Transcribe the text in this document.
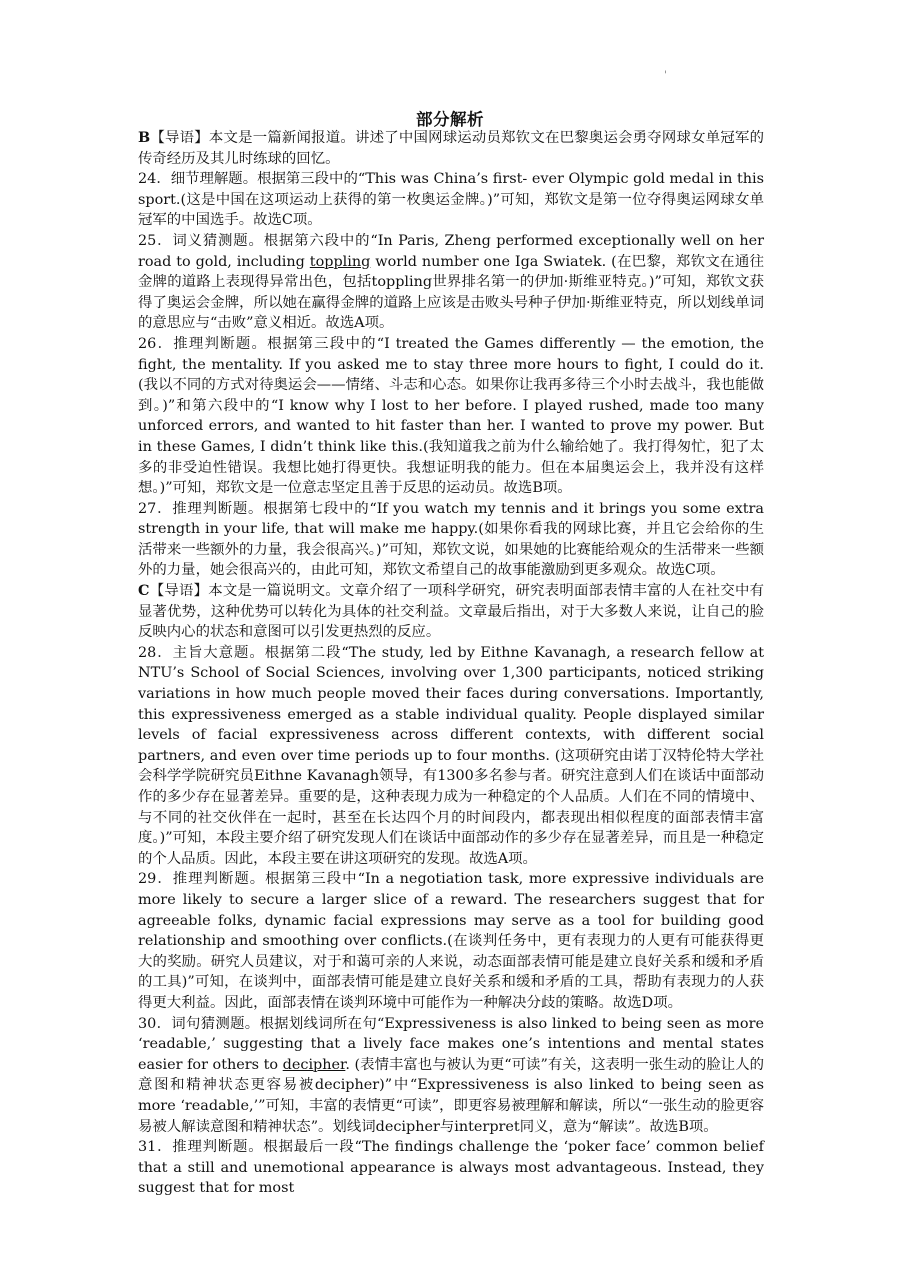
'
部分解析

B【导语】本文是一篇新闻报道。讲述了中国网球运动员郑钦文在巴黎奥运会勇夺网球女单冠军的传奇经历及其儿时练球的回忆。

24．细节理解题。根据第三段中的“This was China’s first- ever Olympic gold medal in this sport.(这是中国在这项运动上获得的第一枚奥运金牌。)”可知，郑钦文是第一位夺得奥运网球女单冠军的中国选手。故选C项。

25．词义猜测题。根据第六段中的“In Paris, Zheng performed exceptionally well on her road to gold, including toppling world number one Iga Swiatek. (在巴黎，郑钦文在通往金牌的道路上表现得异常出色，包括toppling世界排名第一的伊加·斯维亚特克。)”可知，郑钦文获得了奥运会金牌，所以她在赢得金牌的道路上应该是击败头号种子伊加·斯维亚特克，所以划线单词的意思应与“击败”意义相近。故选A项。

26．推理判断题。根据第三段中的“I treated the Games differently — the emotion, the fight, the mentality. If you asked me to stay three more hours to fight, I could do it.(我以不同的方式对待奥运会——情绪、斗志和心态。如果你让我再多待三个小时去战斗，我也能做到。)”和第六段中的“I know why I lost to her before. I played rushed, made too many unforced errors, and wanted to hit faster than her. I wanted to prove my power. But in these Games, I didn’t think like this.(我知道我之前为什么输给她了。我打得匆忙，犯了太多的非受迫性错误。我想比她打得更快。我想证明我的能力。但在本届奥运会上，我并没有这样想。)”可知，郑钦文是一位意志坚定且善于反思的运动员。故选B项。

27．推理判断题。根据第七段中的“If you watch my tennis and it brings you some extra strength in your life, that will make me happy.(如果你看我的网球比赛，并且它会给你的生活带来一些额外的力量，我会很高兴。)”可知，郑钦文说，如果她的比赛能给观众的生活带来一些额外的力量，她会很高兴的，由此可知，郑钦文希望自己的故事能激励到更多观众。故选C项。

C【导语】本文是一篇说明文。文章介绍了一项科学研究，研究表明面部表情丰富的人在社交中有显著优势，这种优势可以转化为具体的社交利益。文章最后指出，对于大多数人来说，让自己的脸反映内心的状态和意图可以引发更热烈的反应。

28．主旨大意题。根据第二段“The study, led by Eithne Kavanagh, a research fellow at NTU’s School of Social Sciences, involving over 1,300 participants, noticed striking variations in how much people moved their faces during conversations. Importantly, this expressiveness emerged as a stable individual quality. People displayed similar levels of facial expressiveness across different contexts, with different social partners, and even over time periods up to four months. (这项研究由诺丁汉特伦特大学社会科学学院研究员Eithne Kavanagh领导，有1300多名参与者。研究注意到人们在谈话中面部动作的多少存在显著差异。重要的是，这种表现力成为一种稳定的个人品质。人们在不同的情境中、与不同的社交伙伴在一起时，甚至在长达四个月的时间段内，都表现出相似程度的面部表情丰富度。)”可知，本段主要介绍了研究发现人们在谈话中面部动作的多少存在显著差异，而且是一种稳定的个人品质。因此，本段主要在讲这项研究的发现。故选A项。

29．推理判断题。根据第三段中“In a negotiation task, more expressive individuals are more likely to secure a larger slice of a reward. The researchers suggest that for agreeable folks, dynamic facial expressions may serve as a tool for building good relationship and smoothing over conflicts.(在谈判任务中，更有表现力的人更有可能获得更大的奖励。研究人员建议，对于和蔼可亲的人来说，动态面部表情可能是建立良好关系和缓和矛盾的工具)”可知，在谈判中，面部表情可能是建立良好关系和缓和矛盾的工具，帮助有表现力的人获得更大利益。因此，面部表情在谈判环境中可能作为一种解决分歧的策略。故选D项。

30．词句猜测题。根据划线词所在句“Expressiveness is also linked to being seen as more ‘readable,’ suggesting that a lively face makes one’s intentions and mental states easier for others to decipher. (表情丰富也与被认为更“可读”有关，这表明一张生动的脸让人的意图和精神状态更容易被decipher)”中“Expressiveness is also linked to being seen as more ‘readable,’”可知，丰富的表情更“可读”，即更容易被理解和解读，所以“一张生动的脸更容易被人解读意图和精神状态”。划线词decipher与interpret同义，意为“解读”。故选B项。

31．推理判断题。根据最后一段“The findings challenge the ‘poker face’ common belief that a still and unemotional appearance is always most advantageous. Instead, they suggest that for most
